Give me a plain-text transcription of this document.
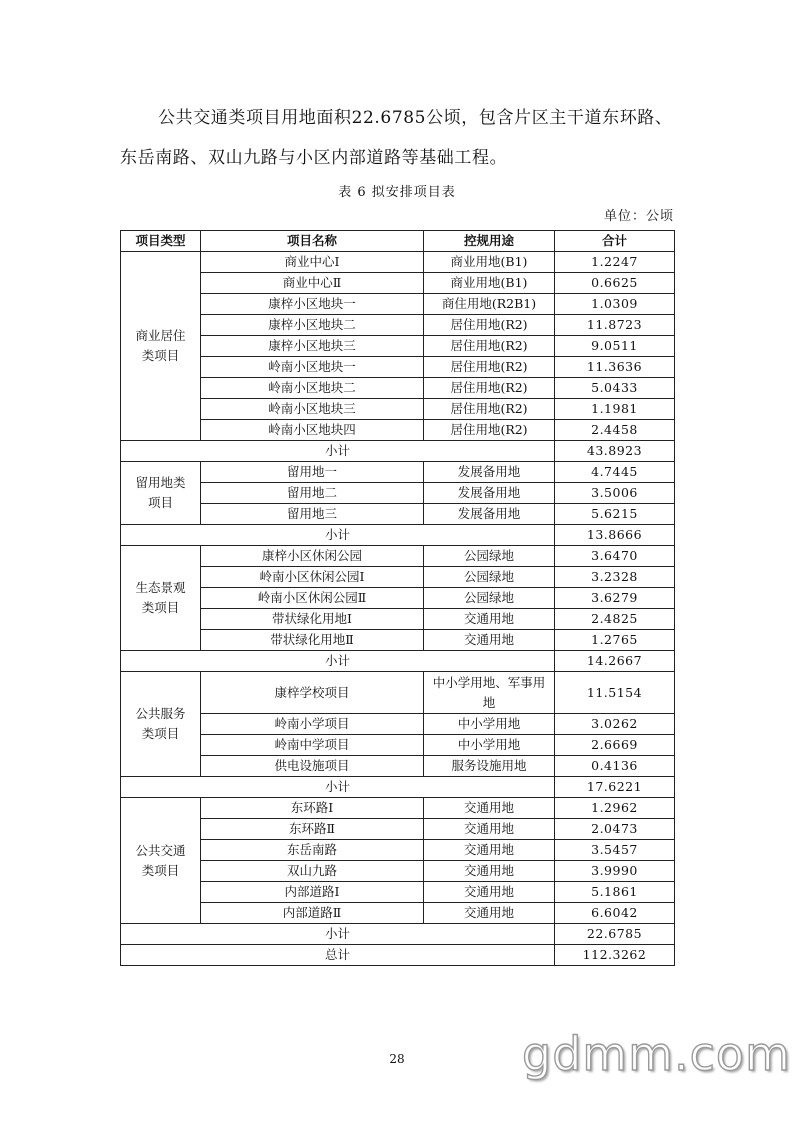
公共交通类项目用地面积22.6785公顷，包含片区主干道东环路、
东岳南路、双山九路与小区内部道路等基础工程。
表 6 拟安排项目表
单位：公顷
项目类型	项目名称	控规用途	合计
商业居住类项目	商业中心Ⅰ	商业用地(B1)	1.2247
	商业中心Ⅱ	商业用地(B1)	0.6625
	康梓小区地块一	商住用地(R2B1)	1.0309
	康梓小区地块二	居住用地(R2)	11.8723
	康梓小区地块三	居住用地(R2)	9.0511
	岭南小区地块一	居住用地(R2)	11.3636
	岭南小区地块二	居住用地(R2)	5.0433
	岭南小区地块三	居住用地(R2)	1.1981
	岭南小区地块四	居住用地(R2)	2.4458
小计			43.8923
留用地类项目	留用地一	发展备用地	4.7445
	留用地二	发展备用地	3.5006
	留用地三	发展备用地	5.6215
小计			13.8666
生态景观类项目	康梓小区休闲公园	公园绿地	3.6470
	岭南小区休闲公园Ⅰ	公园绿地	3.2328
	岭南小区休闲公园Ⅱ	公园绿地	3.6279
	带状绿化用地Ⅰ	交通用地	2.4825
	带状绿化用地Ⅱ	交通用地	1.2765
小计			14.2667
公共服务类项目	康梓学校项目	中小学用地、军事用地	11.5154
	岭南小学项目	中小学用地	3.0262
	岭南中学项目	中小学用地	2.6669
	供电设施项目	服务设施用地	0.4136
小计			17.6221
公共交通类项目	东环路Ⅰ	交通用地	1.2962
	东环路Ⅱ	交通用地	2.0473
	东岳南路	交通用地	3.5457
	双山九路	交通用地	3.9990
	内部道路Ⅰ	交通用地	5.1861
	内部道路Ⅱ	交通用地	6.6042
小计			22.6785
总计			112.3262
28	gdmm.com
